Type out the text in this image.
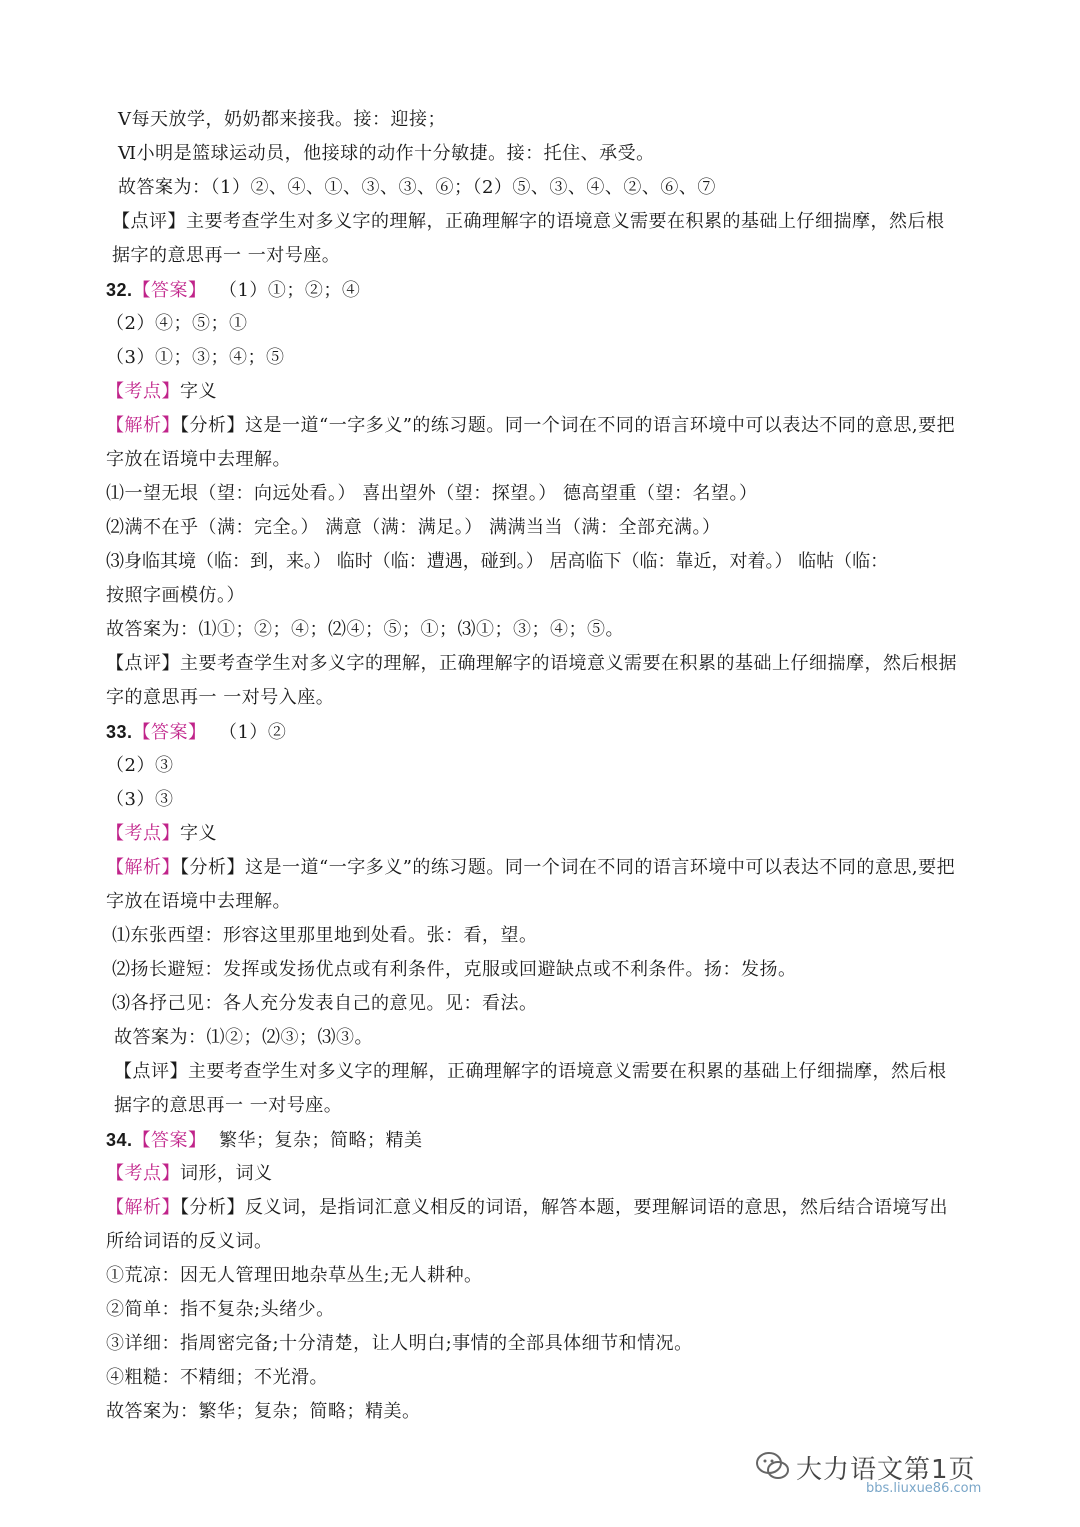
Ⅴ每天放学，奶奶都来接我。接：迎接；
Ⅵ小明是篮球运动员，他接球的动作十分敏捷。接：托住、承受。
故答案为：（1）②、④、①、③、③、⑥；（2）⑤、③、④、②、⑥、⑦
【点评】主要考查学生对多义字的理解，正确理解字的语境意义需要在积累的基础上仔细揣摩，然后根
据字的意思再一 一对号座。
32.【答案】 （1）①；②；④
（2）④；⑤；①
（3）①；③；④；⑤
【考点】字义
【解析】【分析】这是一道“一字多义”的练习题。同一个词在不同的语言环境中可以表达不同的意思,要把
字放在语境中去理解。
⑴一望无垠（望：向远处看。） 喜出望外（望：探望。） 德高望重（望：名望。）
⑵满不在乎（满：完全。） 满意（满：满足。） 满满当当（满：全部充满。）
⑶身临其境（临：到，来。） 临时（临：遭遇，碰到。） 居高临下（临：靠近，对着。） 临帖（临：
按照字画模仿。）
故答案为：⑴①；②；④；⑵④；⑤；①；⑶①；③；④；⑤。
【点评】主要考查学生对多义字的理解，正确理解字的语境意义需要在积累的基础上仔细揣摩，然后根据
字的意思再一 一对号入座。
33.【答案】 （1）②
（2）③
（3）③
【考点】字义
【解析】【分析】这是一道“一字多义”的练习题。同一个词在不同的语言环境中可以表达不同的意思,要把
字放在语境中去理解。
⑴东张西望：形容这里那里地到处看。张：看，望。
⑵扬长避短：发挥或发扬优点或有利条件，克服或回避缺点或不利条件。扬：发扬。
⑶各抒己见：各人充分发表自己的意见。见：看法。
故答案为：⑴②；⑵③；⑶③。
【点评】主要考查学生对多义字的理解，正确理解字的语境意义需要在积累的基础上仔细揣摩，然后根
据字的意思再一 一对号座。
34.【答案】 繁华；复杂；简略；精美
【考点】词形，词义
【解析】【分析】反义词，是指词汇意义相反的词语，解答本题，要理解词语的意思，然后结合语境写出
所给词语的反义词。
①荒凉：因无人管理田地杂草丛生;无人耕种。
②简单：指不复杂;头绪少。
③详细：指周密完备;十分清楚，让人明白;事情的全部具体细节和情况。
④粗糙：不精细；不光滑。
故答案为：繁华；复杂；简略；精美。
大力语文第1页
bbs.liuxue86.com
